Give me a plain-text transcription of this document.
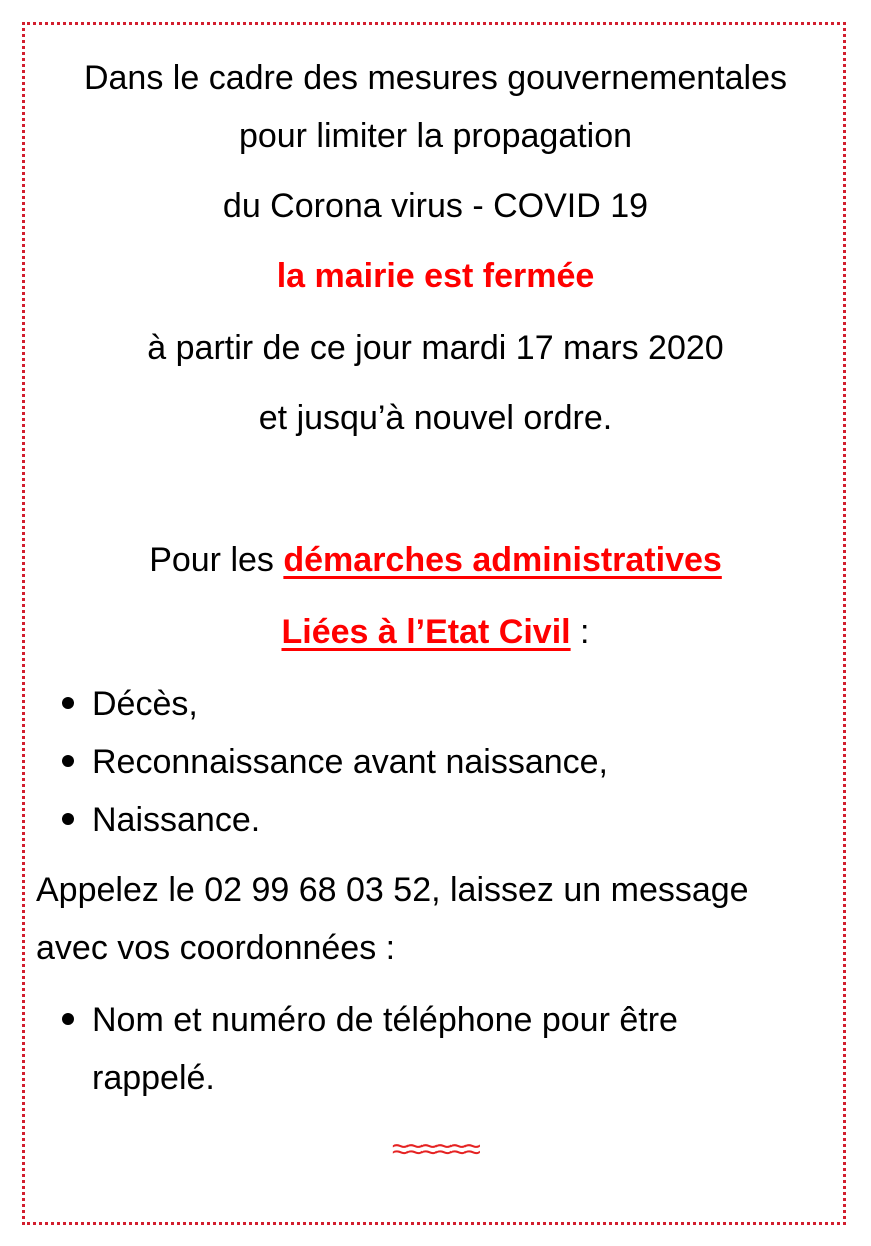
Dans le cadre des mesures gouvernementales
pour limiter la propagation
du Corona virus - COVID 19
la mairie est fermée
à partir de ce jour mardi 17 mars 2020
et jusqu’à nouvel ordre.
Pour les démarches administratives
Liées à l’Etat Civil :
Décès,
Reconnaissance avant naissance,
Naissance.
Appelez le 02 99 68 03 52, laissez un message
avec vos coordonnées :
Nom et numéro de téléphone pour être
rappelé.
≈≈≈≈≈≈
